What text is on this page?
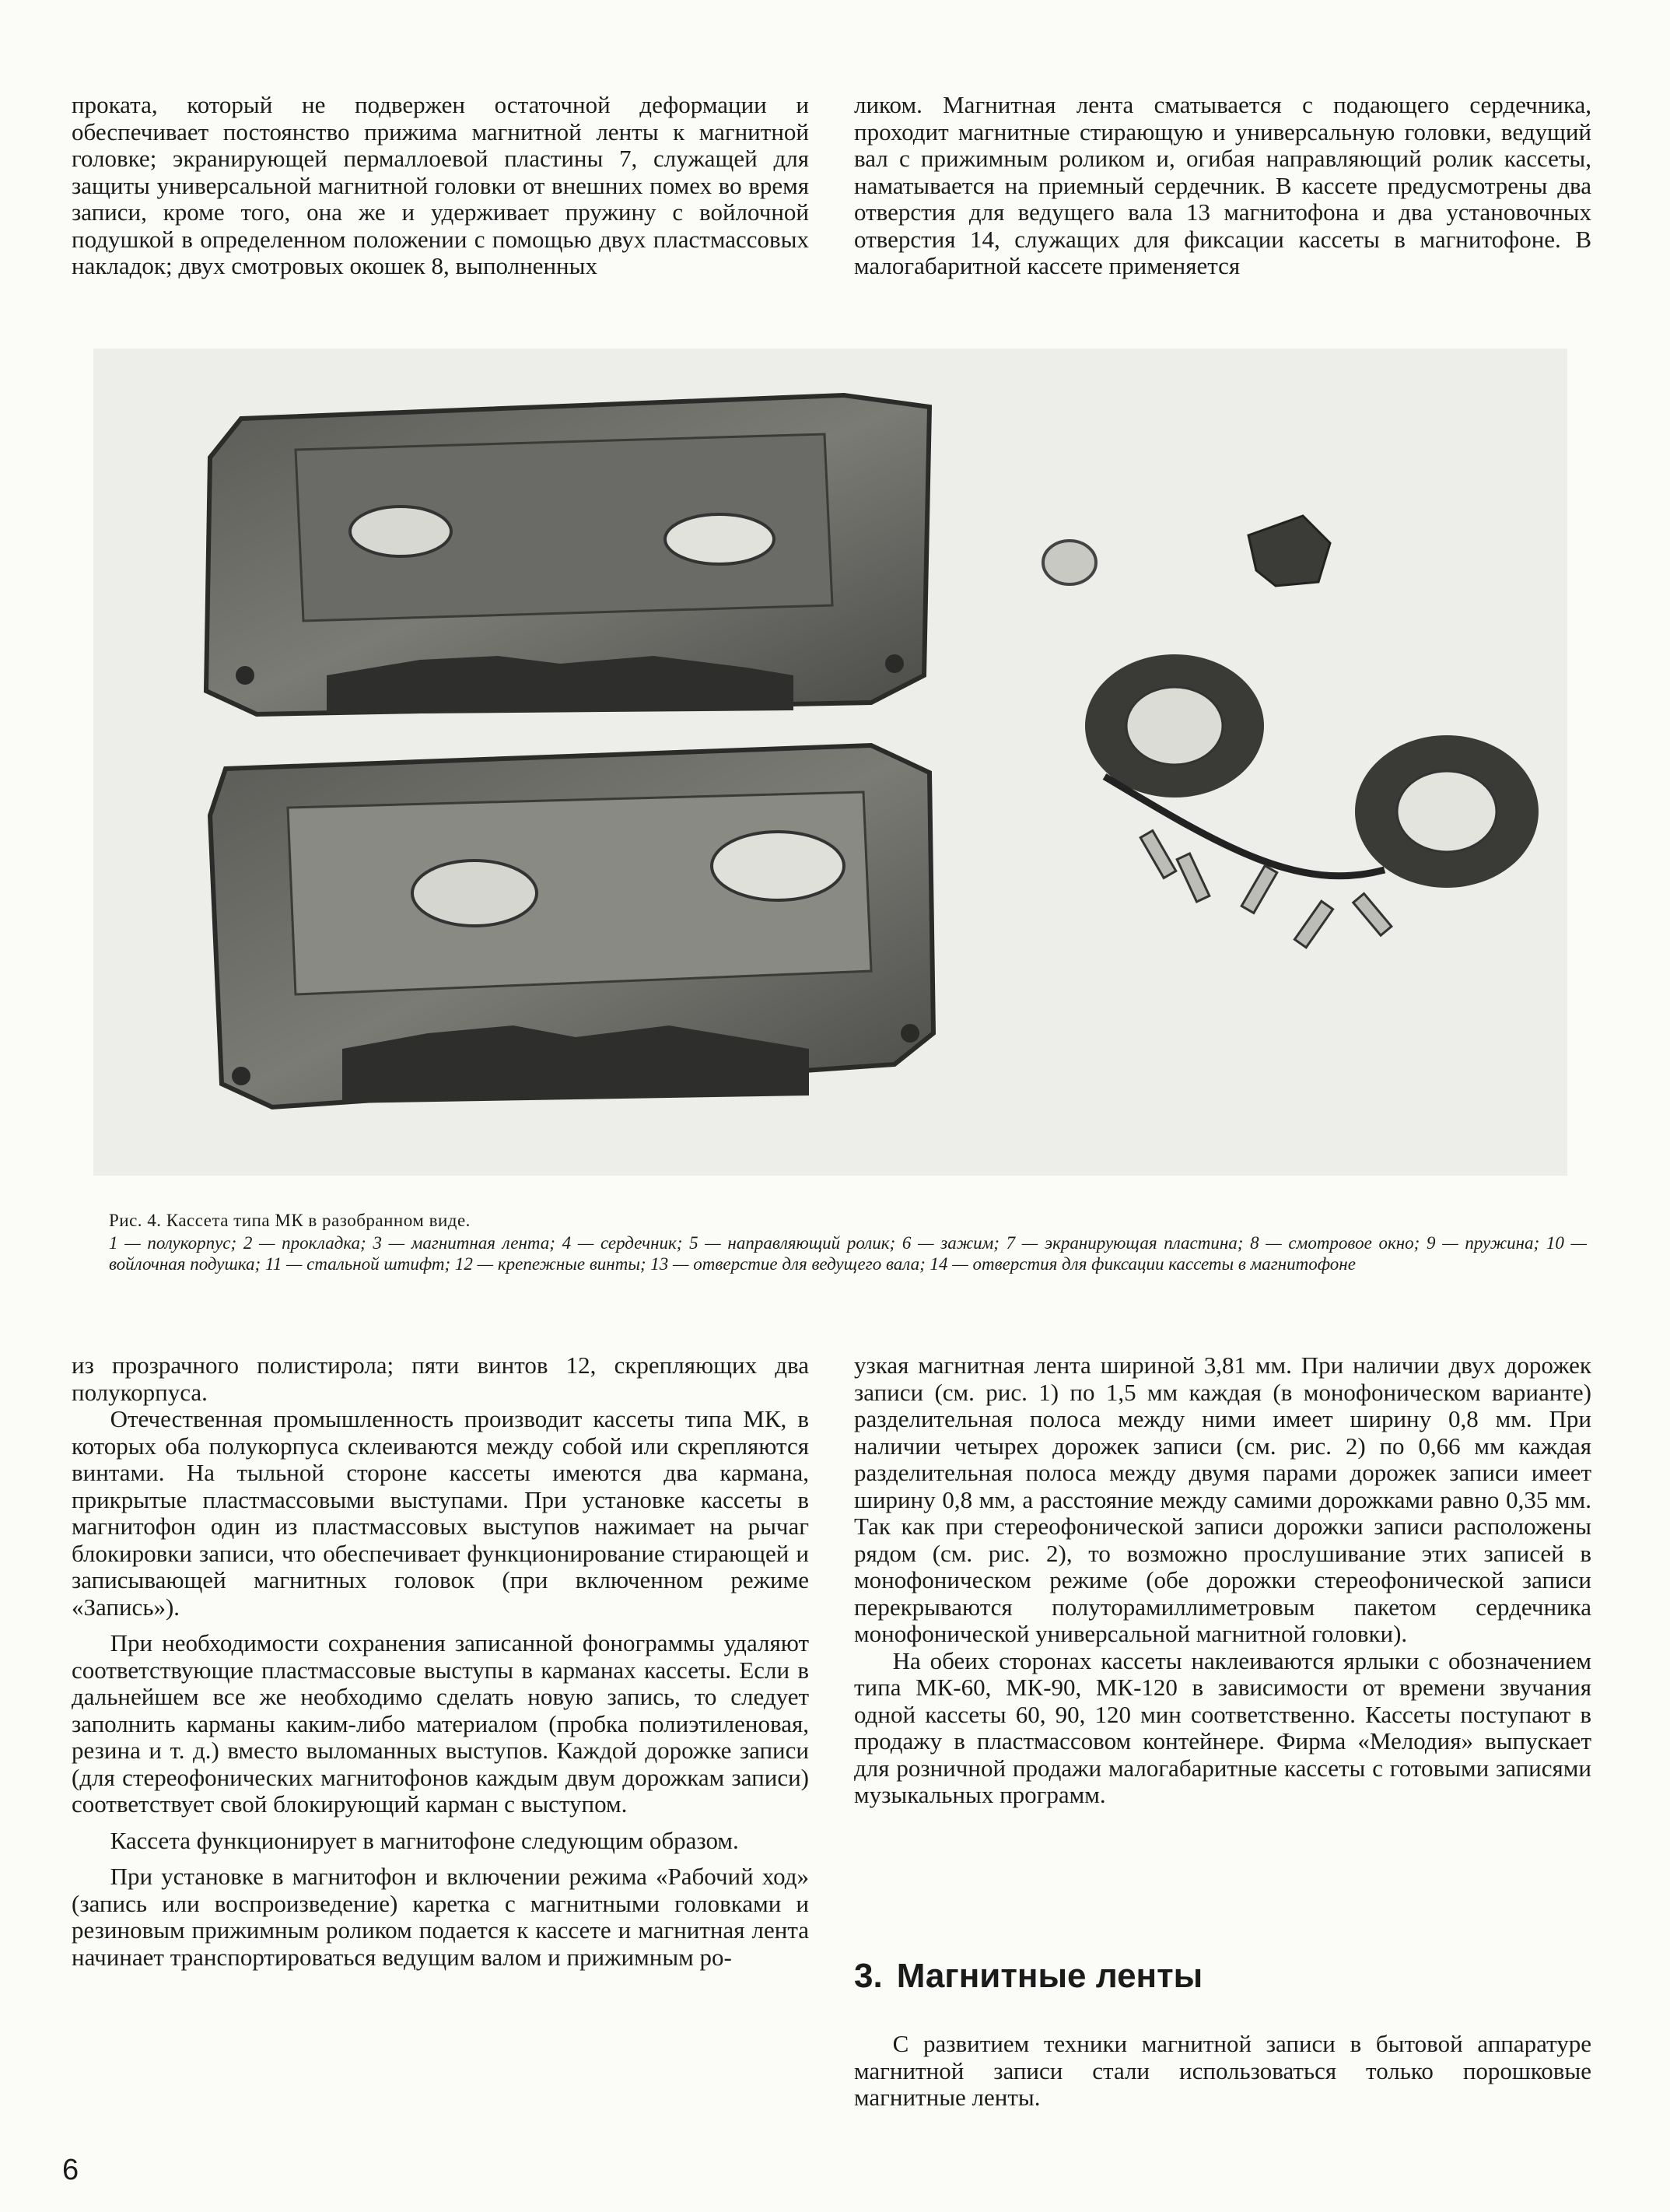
проката, который не подвержен остаточной деформации и обеспечивает постоянство прижима магнитной ленты к магнитной головке; экранирующей пермаллоевой пластины 7, служащей для защиты универсальной магнитной головки от внешних помех во время записи, кроме того, она же и удерживает пружину с войлочной подушкой в определенном положении с помощью двух пластмассовых накладок; двух смотровых окошек 8, выполненных

ликом. Магнитная лента сматывается с подающего сердечника, проходит магнитные стирающую и универсальную головки, ведущий вал с прижимным роликом и, огибая направляющий ролик кассеты, наматывается на приемный сердечник. В кассете предусмотрены два отверстия для ведущего вала 13 магнитофона и два установочных отверстия 14, служащих для фиксации кассеты в магнитофоне. В малогабаритной кассете применяется

Рис. 4. Кассета типа МК в разобранном виде.
1 — полукорпус; 2 — прокладка; 3 — магнитная лента; 4 — сердечник; 5 — направляющий ролик; 6 — зажим; 7 — экранирующая пластина; 8 — смотровое окно; 9 — пружина; 10 — войлочная подушка; 11 — стальной штифт; 12 — крепежные винты; 13 — отверстие для ведущего вала; 14 — отверстия для фиксации кассеты в магнитофоне

из прозрачного полистирола; пяти винтов 12, скрепляющих два полукорпуса.

Отечественная промышленность производит кассеты типа МК, в которых оба полукорпуса склеиваются между собой или скрепляются винтами. На тыльной стороне кассеты имеются два кармана, прикрытые пластмассовыми выступами. При установке кассеты в магнитофон один из пластмассовых выступов нажимает на рычаг блокировки записи, что обеспечивает функционирование стирающей и записывающей магнитных головок (при включенном режиме «Запись»).

При необходимости сохранения записанной фонограммы удаляют соответствующие пластмассовые выступы в карманах кассеты. Если в дальнейшем все же необходимо сделать новую запись, то следует заполнить карманы каким-либо материалом (пробка полиэтиленовая, резина и т. д.) вместо выломанных выступов. Каждой дорожке записи (для стереофонических магнитофонов каждым двум дорожкам записи) соответствует свой блокирующий карман с выступом.

Кассета функционирует в магнитофоне следующим образом.

При установке в магнитофон и включении режима «Рабочий ход» (запись или воспроизведение) каретка с магнитными головками и резиновым прижимным роликом подается к кассете и магнитная лента начинает транспортироваться ведущим валом и прижимным ро-

узкая магнитная лента шириной 3,81 мм. При наличии двух дорожек записи (см. рис. 1) по 1,5 мм каждая (в монофоническом варианте) разделительная полоса между ними имеет ширину 0,8 мм. При наличии четырех дорожек записи (см. рис. 2) по 0,66 мм каждая разделительная полоса между двумя парами дорожек записи имеет ширину 0,8 мм, а расстояние между самими дорожками равно 0,35 мм. Так как при стереофонической записи дорожки записи расположены рядом (см. рис. 2), то возможно прослушивание этих записей в монофоническом режиме (обе дорожки стереофонической записи перекрываются полутoрамиллиметровым пакетом сердечника монофонической универсальной магнитной головки).

На обеих сторонах кассеты наклеиваются ярлыки с обозначением типа МК-60, МК-90, МК-120 в зависимости от времени звучания одной кассеты 60, 90, 120 мин соответственно. Кассеты поступают в продажу в пластмассовом контейнере. Фирма «Мелодия» выпускает для розничной продажи малогабаритные кассеты с готовыми записями музыкальных программ.

3. Магнитные ленты

С развитием техники магнитной записи в бытовой аппаратуре магнитной записи стали использоваться только порошковые магнитные ленты.

6
